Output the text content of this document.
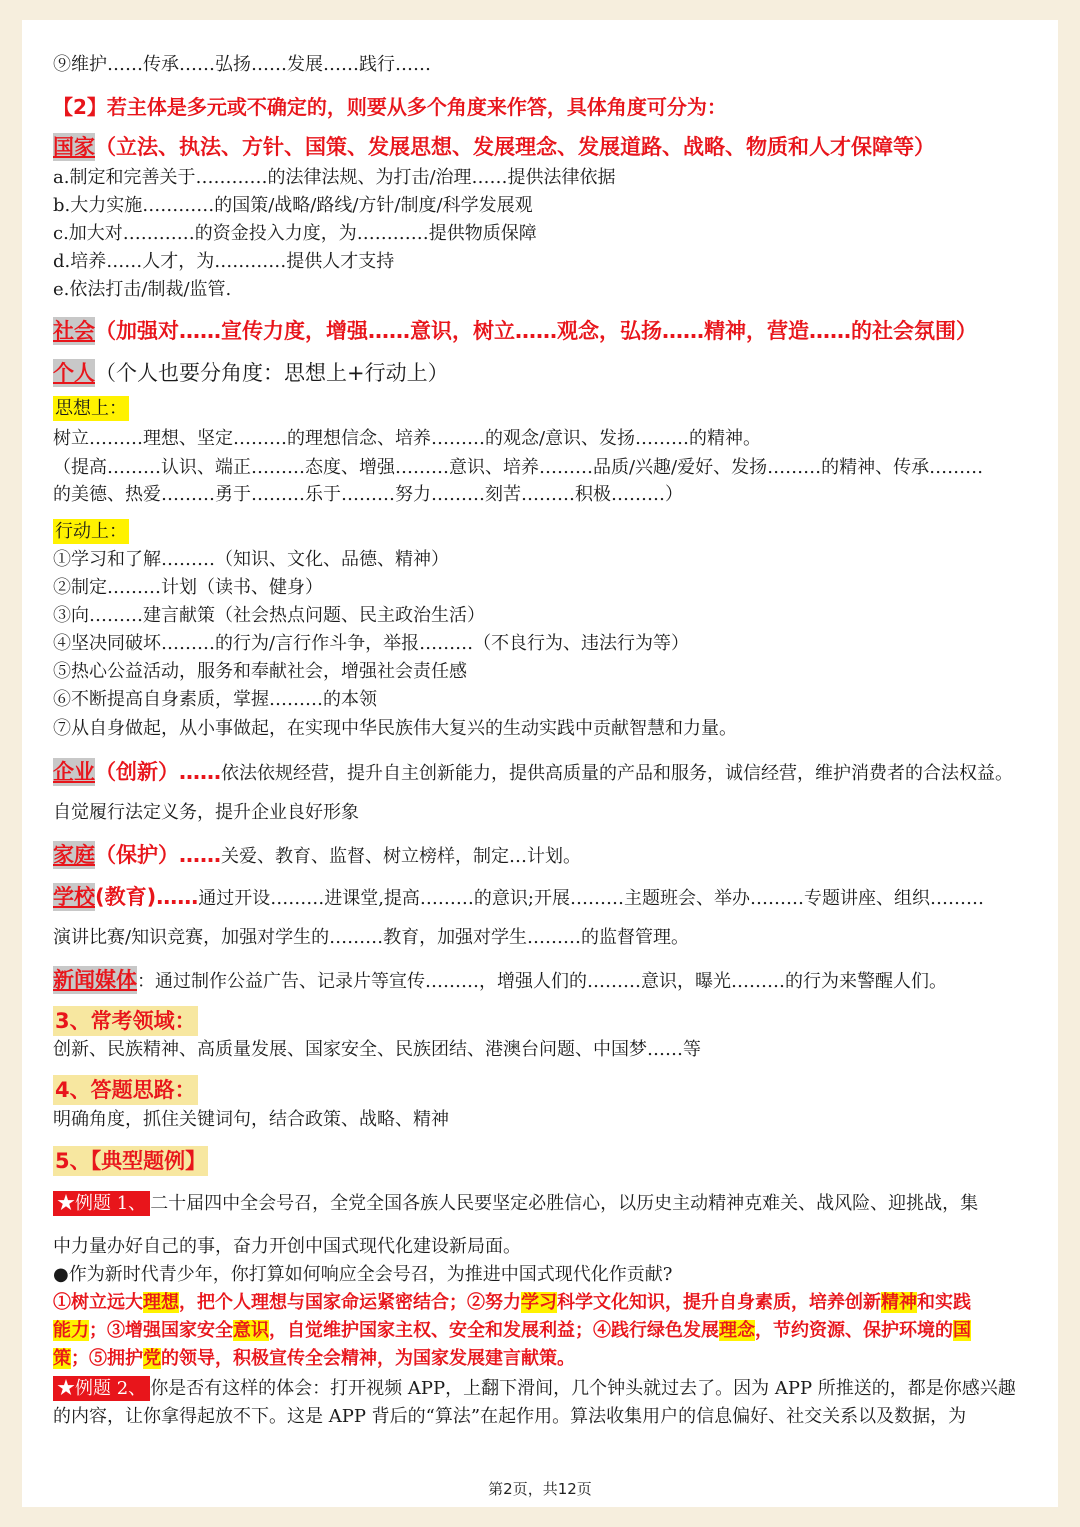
⑨维护……传承……弘扬……发展……践行……
【2】若主体是多元或不确定的，则要从多个角度来作答，具体角度可分为：
国家（立法、执法、方针、国策、发展思想、发展理念、发展道路、战略、物质和人才保障等）
a.制定和完善关于…………的法律法规、为打击/治理……提供法律依据
b.大力实施…………的国策/战略/路线/方针/制度/科学发展观
c.加大对…………的资金投入力度，为…………提供物质保障
d.培养……人才，为…………提供人才支持
e.依法打击/制裁/监管.
社会（加强对……宣传力度，增强……意识，树立……观念，弘扬……精神，营造……的社会氛围）
个人（个人也要分角度：思想上+行动上）
思想上：
树立………理想、坚定………的理想信念、培养………的观念/意识、发扬………的精神。
（提高………认识、端正………态度、增强………意识、培养………品质/兴趣/爱好、发扬………的精神、传承………
的美德、热爱………勇于………乐于………努力………刻苦………积极………）
行动上：
①学习和了解………（知识、文化、品德、精神）
②制定………计划（读书、健身）
③向………建言献策（社会热点问题、民主政治生活）
④坚决同破坏………的行为/言行作斗争，举报………（不良行为、违法行为等）
⑤热心公益活动，服务和奉献社会，增强社会责任感
⑥不断提高自身素质，掌握………的本领
⑦从自身做起，从小事做起，在实现中华民族伟大复兴的生动实践中贡献智慧和力量。
企业（创新）……依法依规经营，提升自主创新能力，提供高质量的产品和服务，诚信经营，维护消费者的合法权益。
自觉履行法定义务，提升企业良好形象
家庭（保护）……关爱、教育、监督、树立榜样，制定…计划。
学校(教育)……通过开设………进课堂,提高………的意识;开展………主题班会、举办………专题讲座、组织………
演讲比赛/知识竞赛，加强对学生的………教育，加强对学生………的监督管理。
新闻媒体：通过制作公益广告、记录片等宣传………，增强人们的………意识，曝光………的行为来警醒人们。
3、常考领域：
创新、民族精神、高质量发展、国家安全、民族团结、港澳台问题、中国梦……等
4、答题思路：
明确角度，抓住关键词句，结合政策、战略、精神
5、【典型题例】
★例题 1、 二十届四中全会号召，全党全国各族人民要坚定必胜信心，以历史主动精神克难关、战风险、迎挑战，集
中力量办好自己的事，奋力开创中国式现代化建设新局面。
●作为新时代青少年，你打算如何响应全会号召，为推进中国式现代化作贡献?
①树立远大理想，把个人理想与国家命运紧密结合；②努力学习科学文化知识，提升自身素质，培养创新精神和实践
能力；③增强国家安全意识，自觉维护国家主权、安全和发展利益；④践行绿色发展理念，节约资源、保护环境的国
策；⑤拥护党的领导，积极宣传全会精神，为国家发展建言献策。
★例题 2、 你是否有这样的体会：打开视频 APP，上翻下滑间，几个钟头就过去了。因为 APP 所推送的，都是你感兴趣
的内容，让你拿得起放不下。这是 APP 背后的“算法”在起作用。算法收集用户的信息偏好、社交关系以及数据，为
第2页，共12页
